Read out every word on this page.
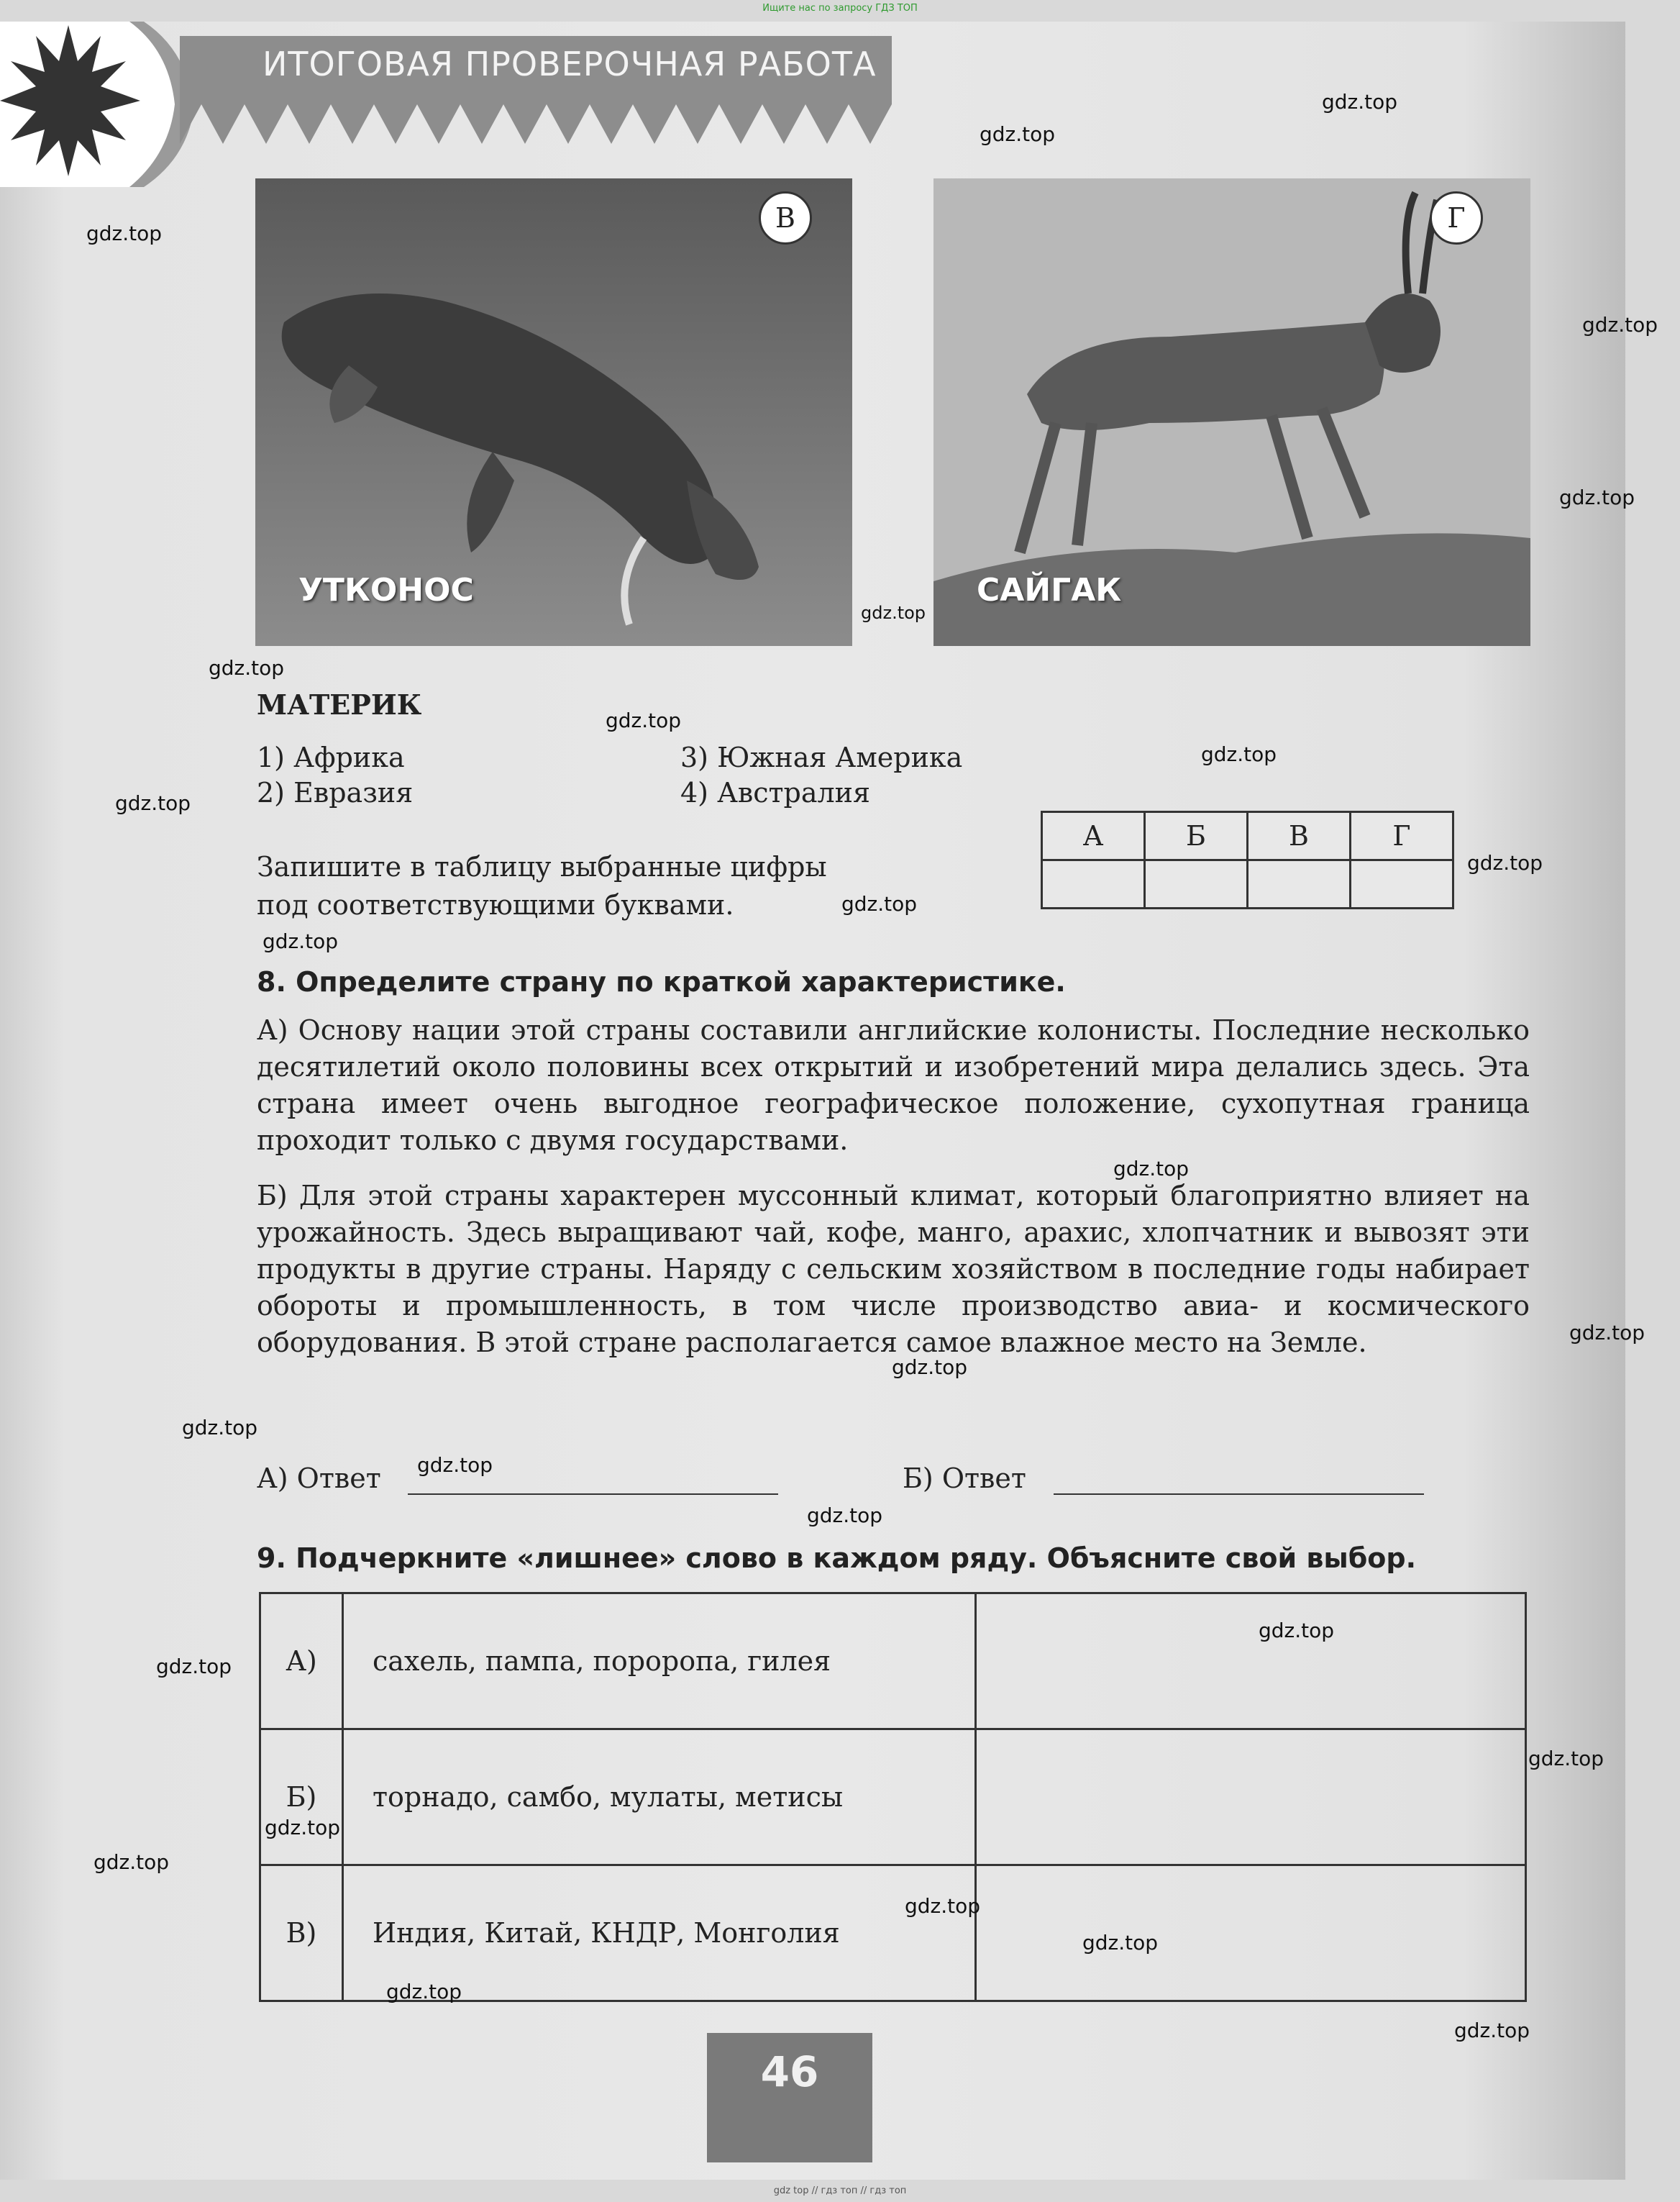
Ищите нас по запросу ГДЗ ТОП
ИТОГОВАЯ ПРОВЕРОЧНАЯ РАБОТА
В
УТКОНОС
Г
САЙГАК
МАТЕРИК
1) Африка
2) Евразия
3) Южная Америка
4) Австралия
Запишите в таблицу выбранные цифры
под соответствующими буквами.
А	Б	В	Г

8. Определите страну по краткой характеристике.
А) Основу нации этой страны составили английские колонисты. Последние несколько десятилетий около половины всех открытий и изобретений мира делались здесь. Эта страна имеет очень выгодное географическое положение, сухопутная граница проходит только с двумя государствами.
Б) Для этой страны характерен муссонный климат, который благоприятно влияет на урожайность. Здесь выращивают чай, кофе, манго, арахис, хлопчатник и вывозят эти продукты в другие страны. Наряду с сельским хозяйством в последние годы набирает обороты и промышленность, в том числе производство авиа- и космического оборудования. В этой стране располагается самое влажное место на Земле.
А) Ответ	Б) Ответ
9. Подчеркните «лишнее» слово в каждом ряду. Объясните свой выбор.
А)	сахель, пампа, пороропа, гилея	
Б)	торнадо, самбо, мулаты, метисы	
В)	Индия, Китай, КНДР, Монголия	
46
gdz.top
gdz.top
gdz.top
gdz.top
gdz.top
gdz.top
gdz.top
gdz.top
gdz.top
gdz.top
gdz.top
gdz.top
gdz.top
gdz.top
gdz.top
gdz.top
gdz.top
gdz.top
gdz.top
gdz.top
gdz.top
gdz.top
gdz.top
gdz.top
gdz.top
gdz.top
gdz.top
gdz.top
gdz top // гдз топ // гдз топ
